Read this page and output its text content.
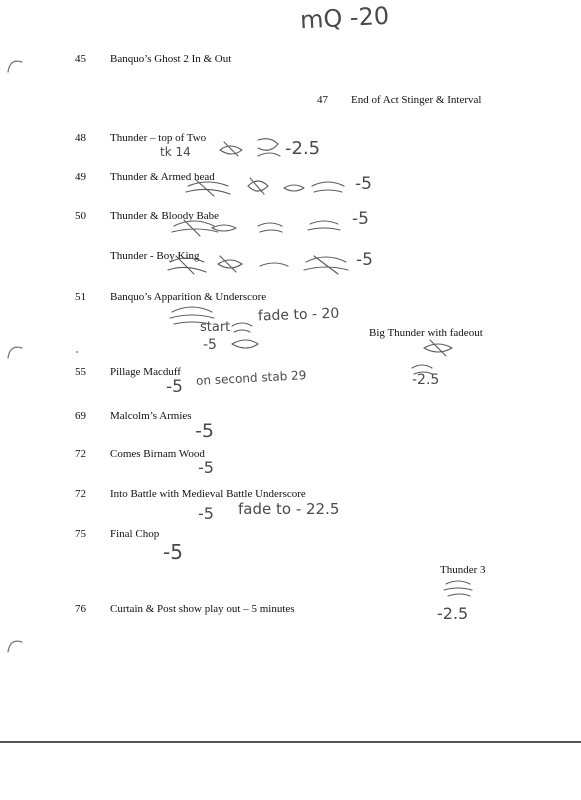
mQ -20
45	Banquo’s Ghost 2 In & Out
47	End of Act Stinger & Interval
48	Thunder – top of Two
tk 14	-2.5
49	Thunder & Armed head	-5
50	Thunder & Bloody Babe	-5
Thunder - Boy King	-5
51	Banquo’s Apparition & Underscore
fade to - 20
start
-5
Big Thunder with fadeout
-2.5
55	Pillage Macduff
-5 on second stab 29
69	Malcolm’s Armies
-5
72	Comes Birnam Wood
-5
72	Into Battle with Medieval Battle Underscore
-5 fade to - 22.5
75	Final Chop
-5
Thunder 3
-2.5
76	Curtain & Post show play out – 5 minutes
